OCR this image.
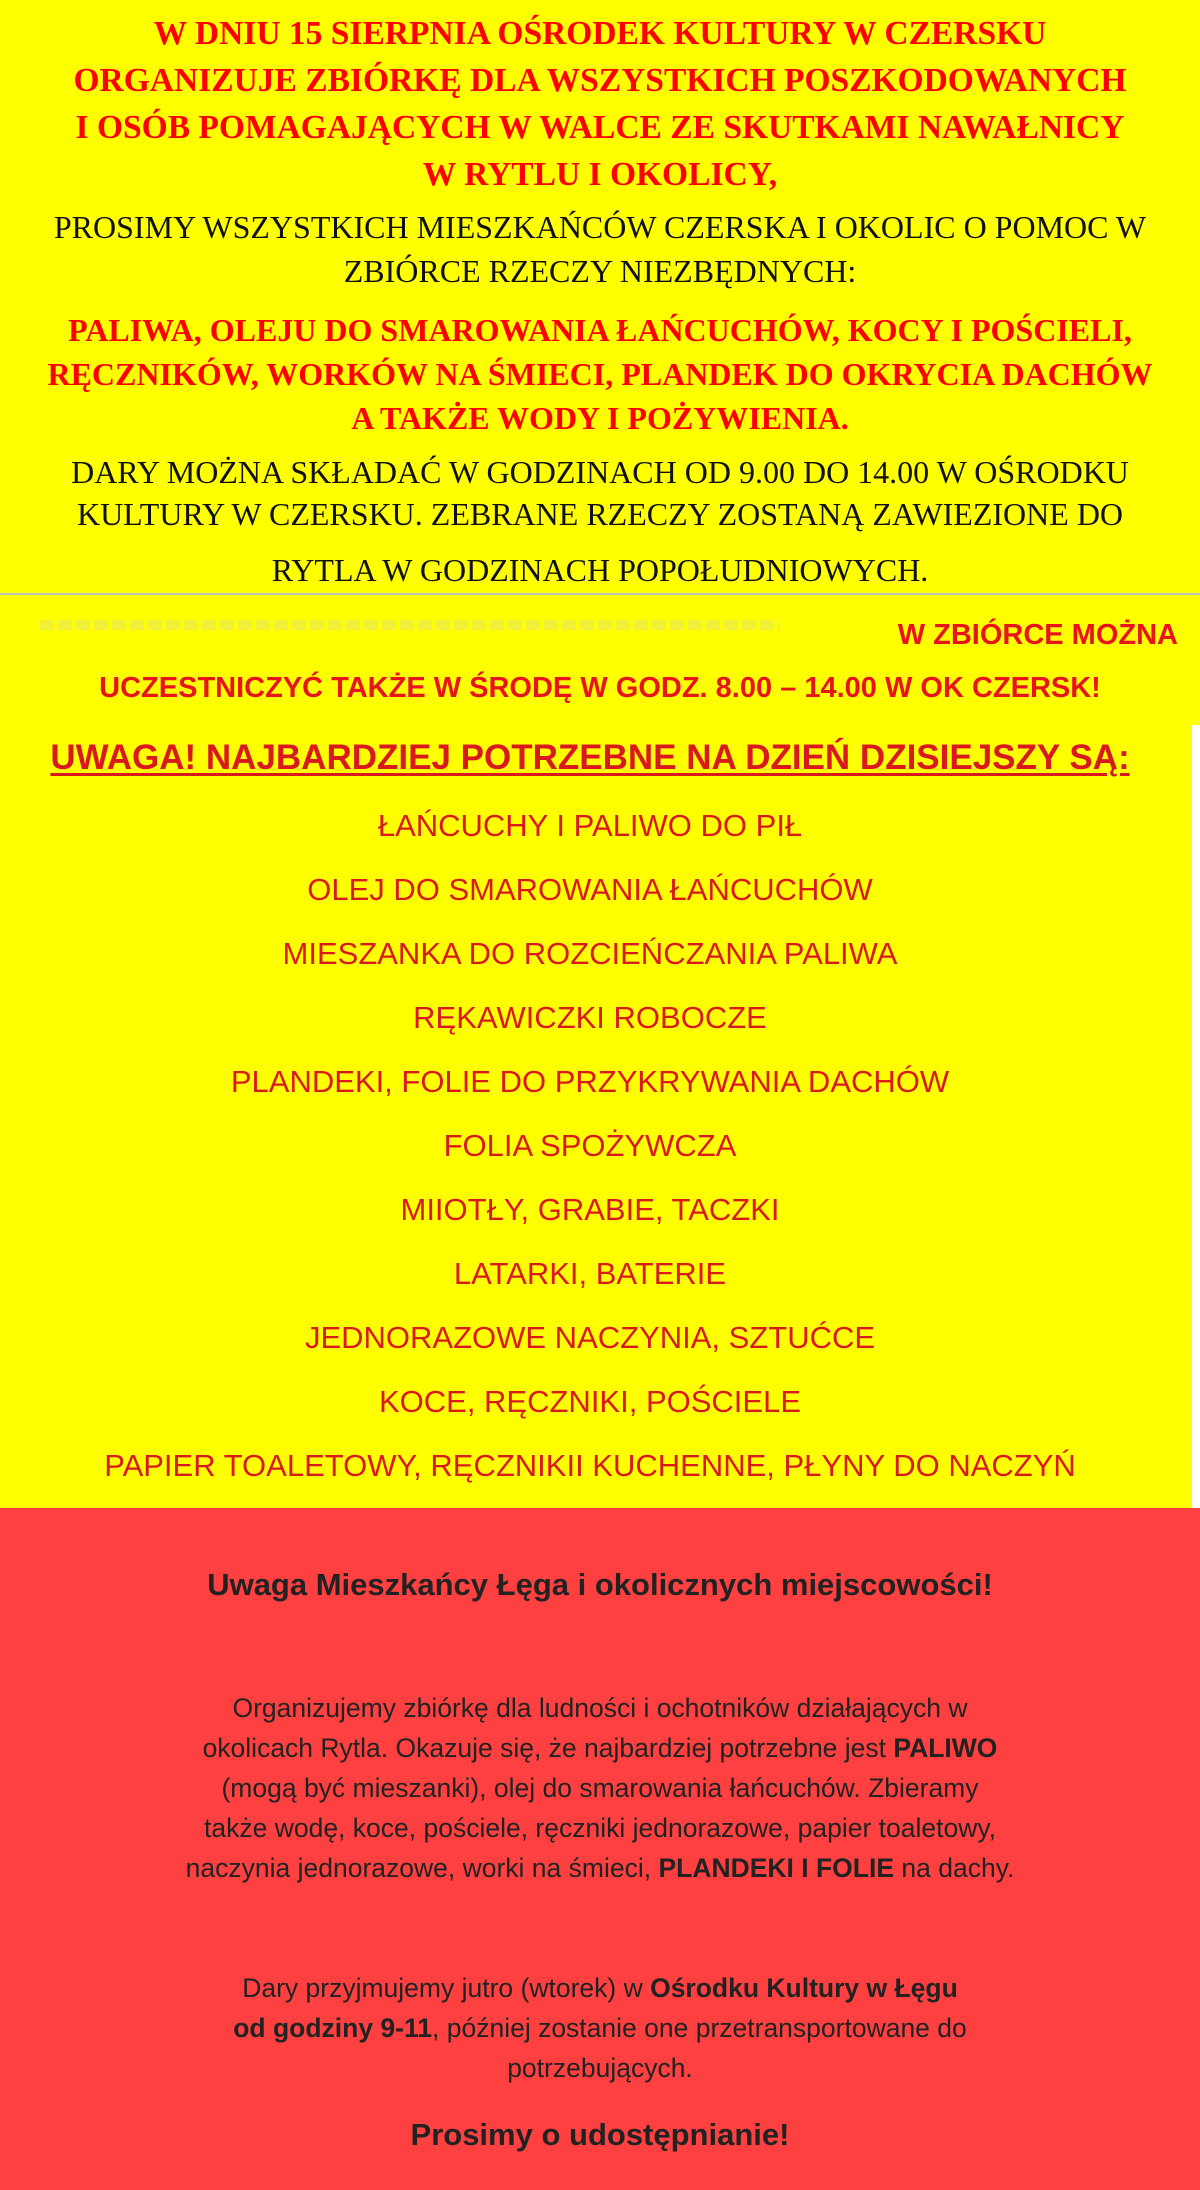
W DNIU 15 SIERPNIA OŚRODEK KULTURY W CZERSKU
ORGANIZUJE ZBIÓRKĘ DLA WSZYSTKICH POSZKODOWANYCH
I OSÓB POMAGAJĄCYCH W WALCE ZE SKUTKAMI NAWAŁNICY
W RYTLU I OKOLICY,
PROSIMY WSZYSTKICH MIESZKAŃCÓW CZERSKA I OKOLIC O POMOC W
ZBIÓRCE RZECZY NIEZBĘDNYCH:
PALIWA, OLEJU DO SMAROWANIA ŁAŃCUCHÓW, KOCY I POŚCIELI,
RĘCZNIKÓW, WORKÓW NA ŚMIECI, PLANDEK DO OKRYCIA DACHÓW
A TAKŻE WODY I POŻYWIENIA.
DARY MOŻNA SKŁADAĆ W GODZINACH OD 9.00 DO 14.00 W OŚRODKU
KULTURY W CZERSKU. ZEBRANE RZECZY ZOSTANĄ ZAWIEZIONE DO
RYTLA W GODZINACH POPOŁUDNIOWYCH.
W ZBIÓRCE MOŻNA
UCZESTNICZYĆ TAKŻE W ŚRODĘ W GODZ. 8.00 – 14.00 W OK CZERSK!
UWAGA! NAJBARDZIEJ POTRZEBNE NA DZIEŃ DZISIEJSZY SĄ:
ŁAŃCUCHY I PALIWO DO PIŁ
OLEJ DO SMAROWANIA ŁAŃCUCHÓW
MIESZANKA DO ROZCIEŃCZANIA PALIWA
RĘKAWICZKI ROBOCZE
PLANDEKI, FOLIE DO PRZYKRYWANIA DACHÓW
FOLIA SPOŻYWCZA
MIIOTŁY, GRABIE, TACZKI
LATARKI, BATERIE
JEDNORAZOWE NACZYNIA, SZTUĆCE
KOCE, RĘCZNIKI, POŚCIELE
PAPIER TOALETOWY, RĘCZNIKII KUCHENNE, PŁYNY DO NACZYŃ
Uwaga Mieszkańcy Łęga i okolicznych miejscowości!
Organizujemy zbiórkę dla ludności i ochotników działających w
okolicach Rytla. Okazuje się, że najbardziej potrzebne jest PALIWO
(mogą być mieszanki), olej do smarowania łańcuchów. Zbieramy
także wodę, koce, pościele, ręczniki jednorazowe, papier toaletowy,
naczynia jednorazowe, worki na śmieci, PLANDEKI I FOLIE na dachy.
Dary przyjmujemy jutro (wtorek) w Ośrodku Kultury w Łęgu
od godziny 9-11, później zostanie one przetransportowane do
potrzebujących.
Prosimy o udostępnianie!
